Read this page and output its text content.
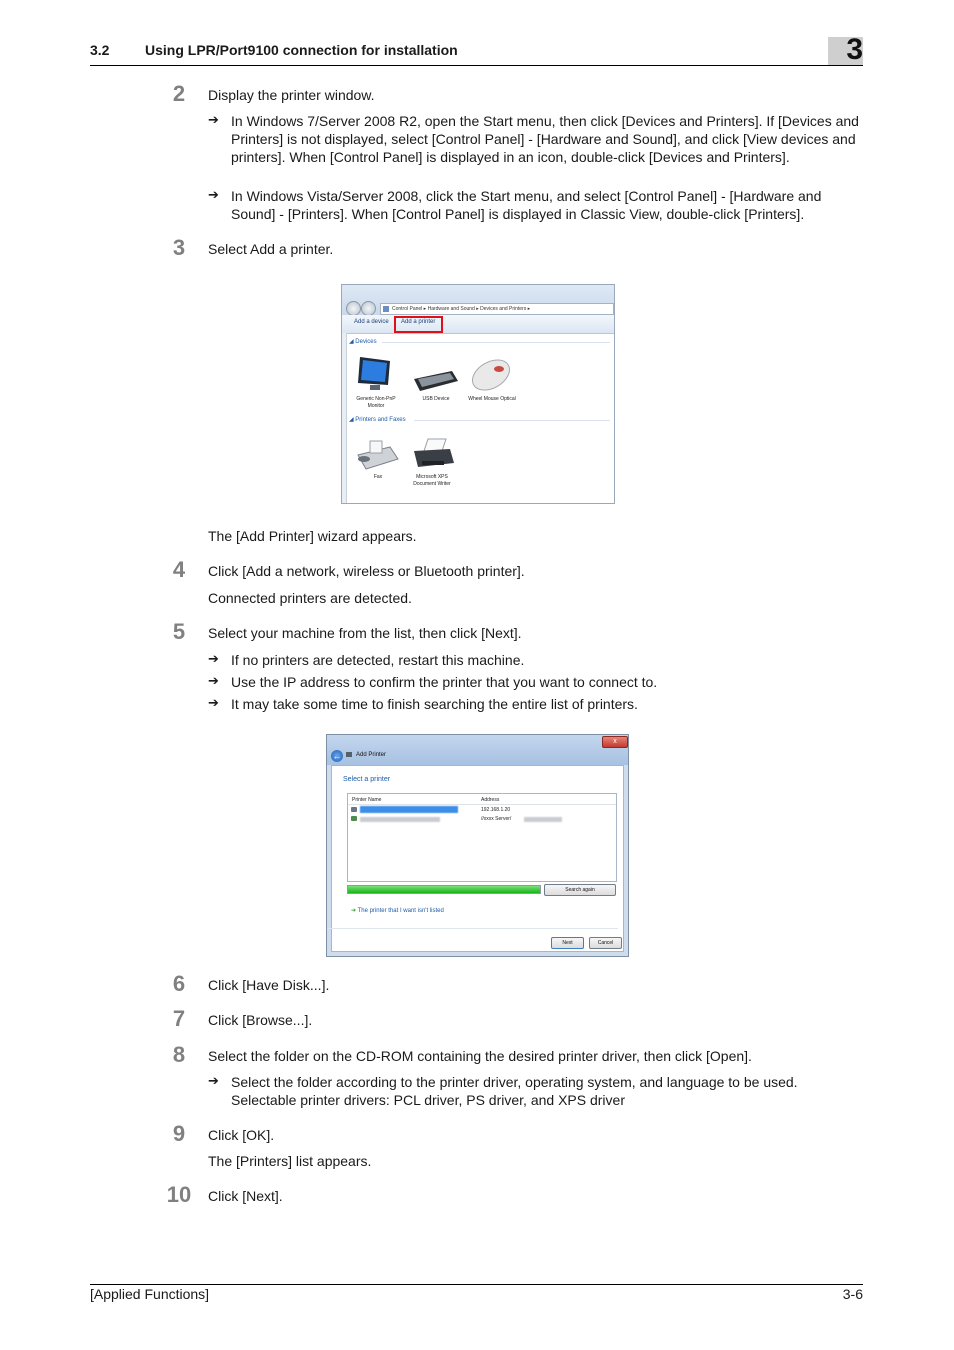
3.2	Using LPR/Port9100 connection for installation	3
2	Display the printer window.
➔ In Windows 7/Server 2008 R2, open the Start menu, then click [Devices and Printers]. If [Devices and Printers] is not displayed, select [Control Panel] - [Hardware and Sound], and click [View devices and printers]. When [Control Panel] is displayed in an icon, double-click [Devices and Printers].
➔ In Windows Vista/Server 2008, click the Start menu, and select [Control Panel] - [Hardware and Sound] - [Printers]. When [Control Panel] is displayed in Classic View, double-click [Printers].
3	Select Add a printer.
Control Panel ▸ Hardware and Sound ▸ Devices and Printers ▸
Add a device Add a printer
◢ Devices
Generic Non-PnP Monitor
USB Device	Wheel Mouse Optical
◢ Printers and Faxes
Fax	Microsoft XPS Document Writer
The [Add Printer] wizard appears.
4	Click [Add a network, wireless or Bluetooth printer].
Connected printers are detected.
5	Select your machine from the list, then click [Next].
➔ If no printers are detected, restart this machine.
➔ Use the IP address to confirm the printer that you want to connect to.
➔ It may take some time to finish searching the entire list of printers.
← Add Printer
x
Select a printer
Printer Name	Address
192.168.1.20
//xxxx Server/
Search again
➔ The printer that I want isn't listed
Next	Cancel
6	Click [Have Disk...].
7	Click [Browse...].
8	Select the folder on the CD-ROM containing the desired printer driver, then click [Open].
➔ Select the folder according to the printer driver, operating system, and language to be used. Selectable printer drivers: PCL driver, PS driver, and XPS driver
9	Click [OK].
The [Printers] list appears.
10 Click [Next].
[Applied Functions]	3-6
